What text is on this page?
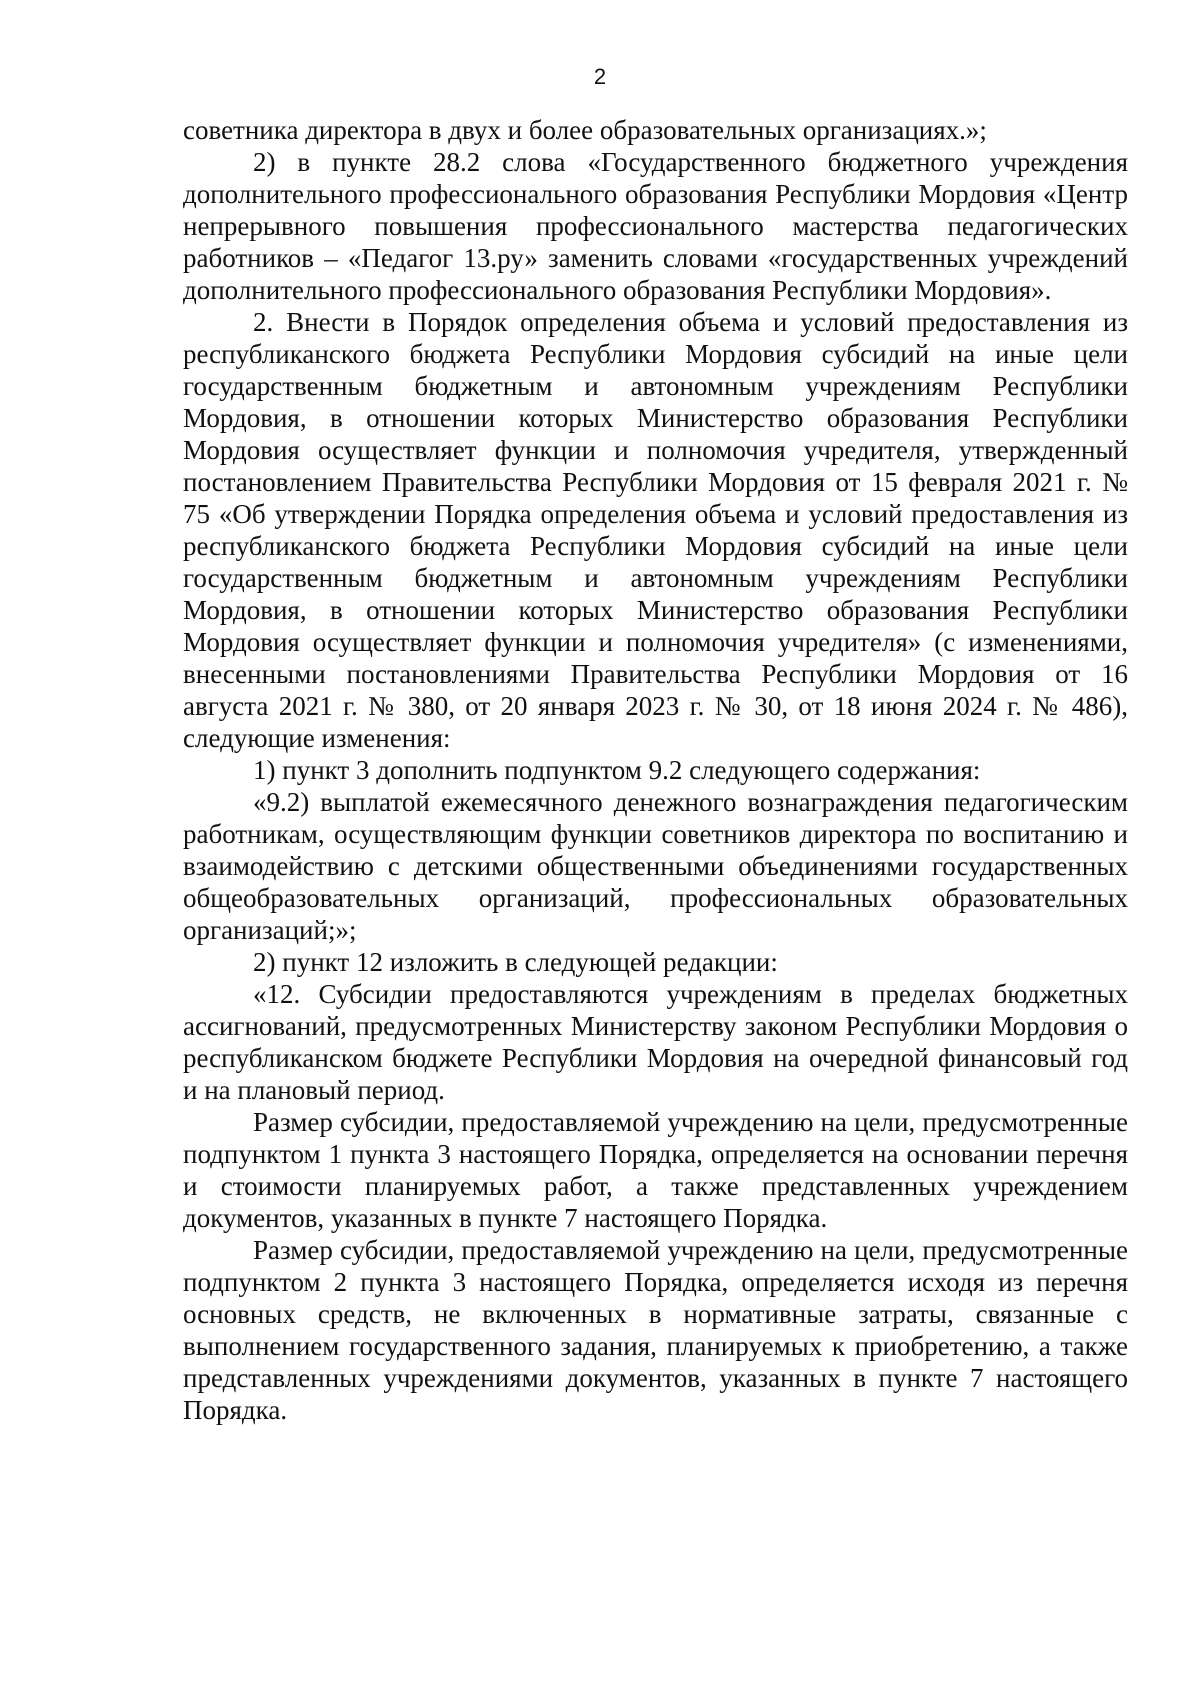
2

советника директора в двух и более образовательных организациях.»;

2) в пункте 28.2 слова «Государственного бюджетного учреждения дополнительного профессионального образования Республики Мордовия «Центр непрерывного повышения профессионального мастерства педагогических работников – «Педагог 13.ру» заменить словами «государственных учреждений дополнительного профессионального образования Республики Мордовия».

2. Внести в Порядок определения объема и условий предоставления из республиканского бюджета Республики Мордовия субсидий на иные цели государственным бюджетным и автономным учреждениям Республики Мордовия, в отношении которых Министерство образования Республики Мордовия осуществляет функции и полномочия учредителя, утвержденный постановлением Правительства Республики Мордовия от 15 февраля 2021 г. № 75 «Об утверждении Порядка определения объема и условий предоставления из республиканского бюджета Республики Мордовия субсидий на иные цели государственным бюджетным и автономным учреждениям Республики Мордовия, в отношении которых Министерство образования Республики Мордовия осуществляет функции и полномочия учредителя» (с изменениями, внесенными постановлениями Правительства Республики Мордовия от 16 августа 2021 г. № 380, от 20 января 2023 г. № 30, от 18 июня 2024 г. № 486), следующие изменения:

1) пункт 3 дополнить подпунктом 9.2 следующего содержания:

«9.2) выплатой ежемесячного денежного вознаграждения педагогическим работникам, осуществляющим функции советников директора по воспитанию и взаимодействию с детскими общественными объединениями государственных общеобразовательных организаций, профессиональных образовательных организаций;»;

2) пункт 12 изложить в следующей редакции:

«12. Субсидии предоставляются учреждениям в пределах бюджетных ассигнований, предусмотренных Министерству законом Республики Мордовия о республиканском бюджете Республики Мордовия на очередной финансовый год и на плановый период.

Размер субсидии, предоставляемой учреждению на цели, предусмотренные подпунктом 1 пункта 3 настоящего Порядка, определяется на основании перечня и стоимости планируемых работ, а также представленных учреждением документов, указанных в пункте 7 настоящего Порядка.

Размер субсидии, предоставляемой учреждению на цели, предусмотренные подпунктом 2 пункта 3 настоящего Порядка, определяется исходя из перечня основных средств, не включенных в нормативные затраты, связанные с выполнением государственного задания, планируемых к приобретению, а также представленных учреждениями документов, указанных в пункте 7 настоящего Порядка.
